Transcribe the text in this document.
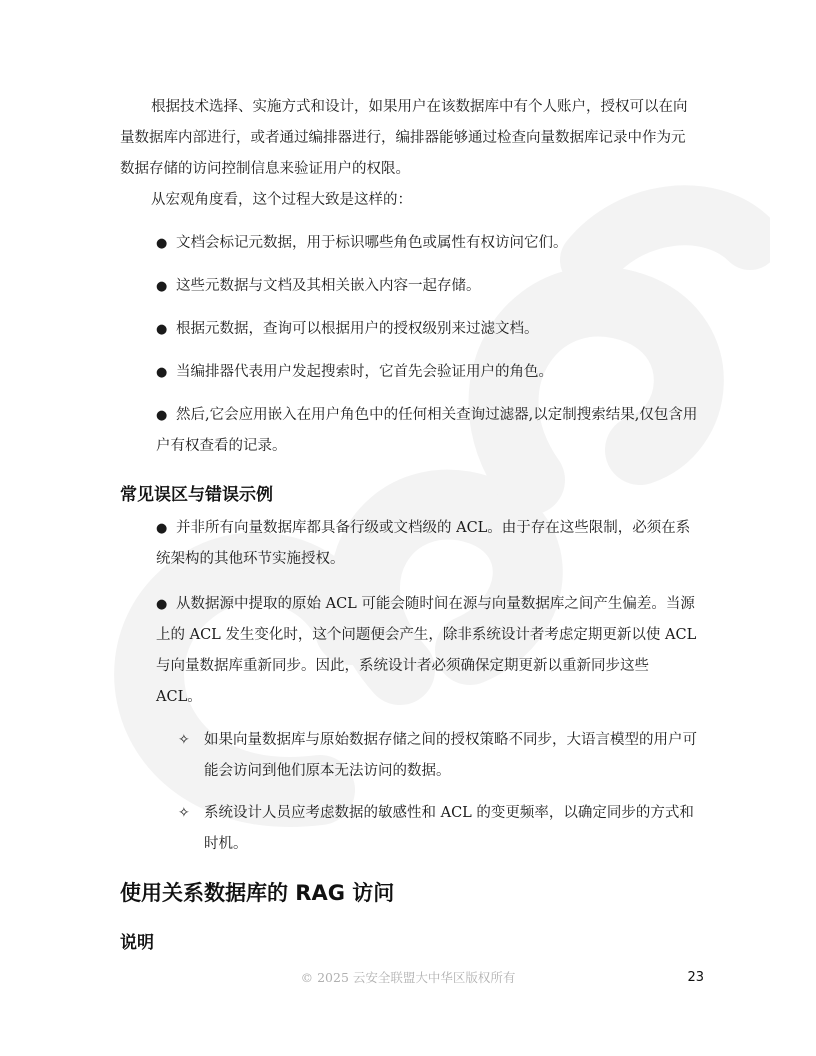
根据技术选择、实施方式和设计，如果用户在该数据库中有个人账户，授权可以在向量数据库内部进行，或者通过编排器进行，编排器能够通过检查向量数据库记录中作为元数据存储的访问控制信息来验证用户的权限。

从宏观角度看，这个过程大致是这样的：

● 文档会标记元数据，用于标识哪些角色或属性有权访问它们。

● 这些元数据与文档及其相关嵌入内容一起存储。

● 根据元数据，查询可以根据用户的授权级别来过滤文档。

● 当编排器代表用户发起搜索时，它首先会验证用户的角色。

● 然后,它会应用嵌入在用户角色中的任何相关查询过滤器,以定制搜索结果,仅包含用户有权查看的记录。

常见误区与错误示例

● 并非所有向量数据库都具备行级或文档级的 ACL。由于存在这些限制，必须在系统架构的其他环节实施授权。

● 从数据源中提取的原始 ACL 可能会随时间在源与向量数据库之间产生偏差。当源上的 ACL 发生变化时，这个问题便会产生，除非系统设计者考虑定期更新以使 ACL 与向量数据库重新同步。因此，系统设计者必须确保定期更新以重新同步这些 ACL。

✧ 如果向量数据库与原始数据存储之间的授权策略不同步，大语言模型的用户可能会访问到他们原本无法访问的数据。

✧ 系统设计人员应考虑数据的敏感性和 ACL 的变更频率，以确定同步的方式和时机。

使用关系数据库的 RAG 访问
说明
© 2025 云安全联盟大中华区版权所有	23
